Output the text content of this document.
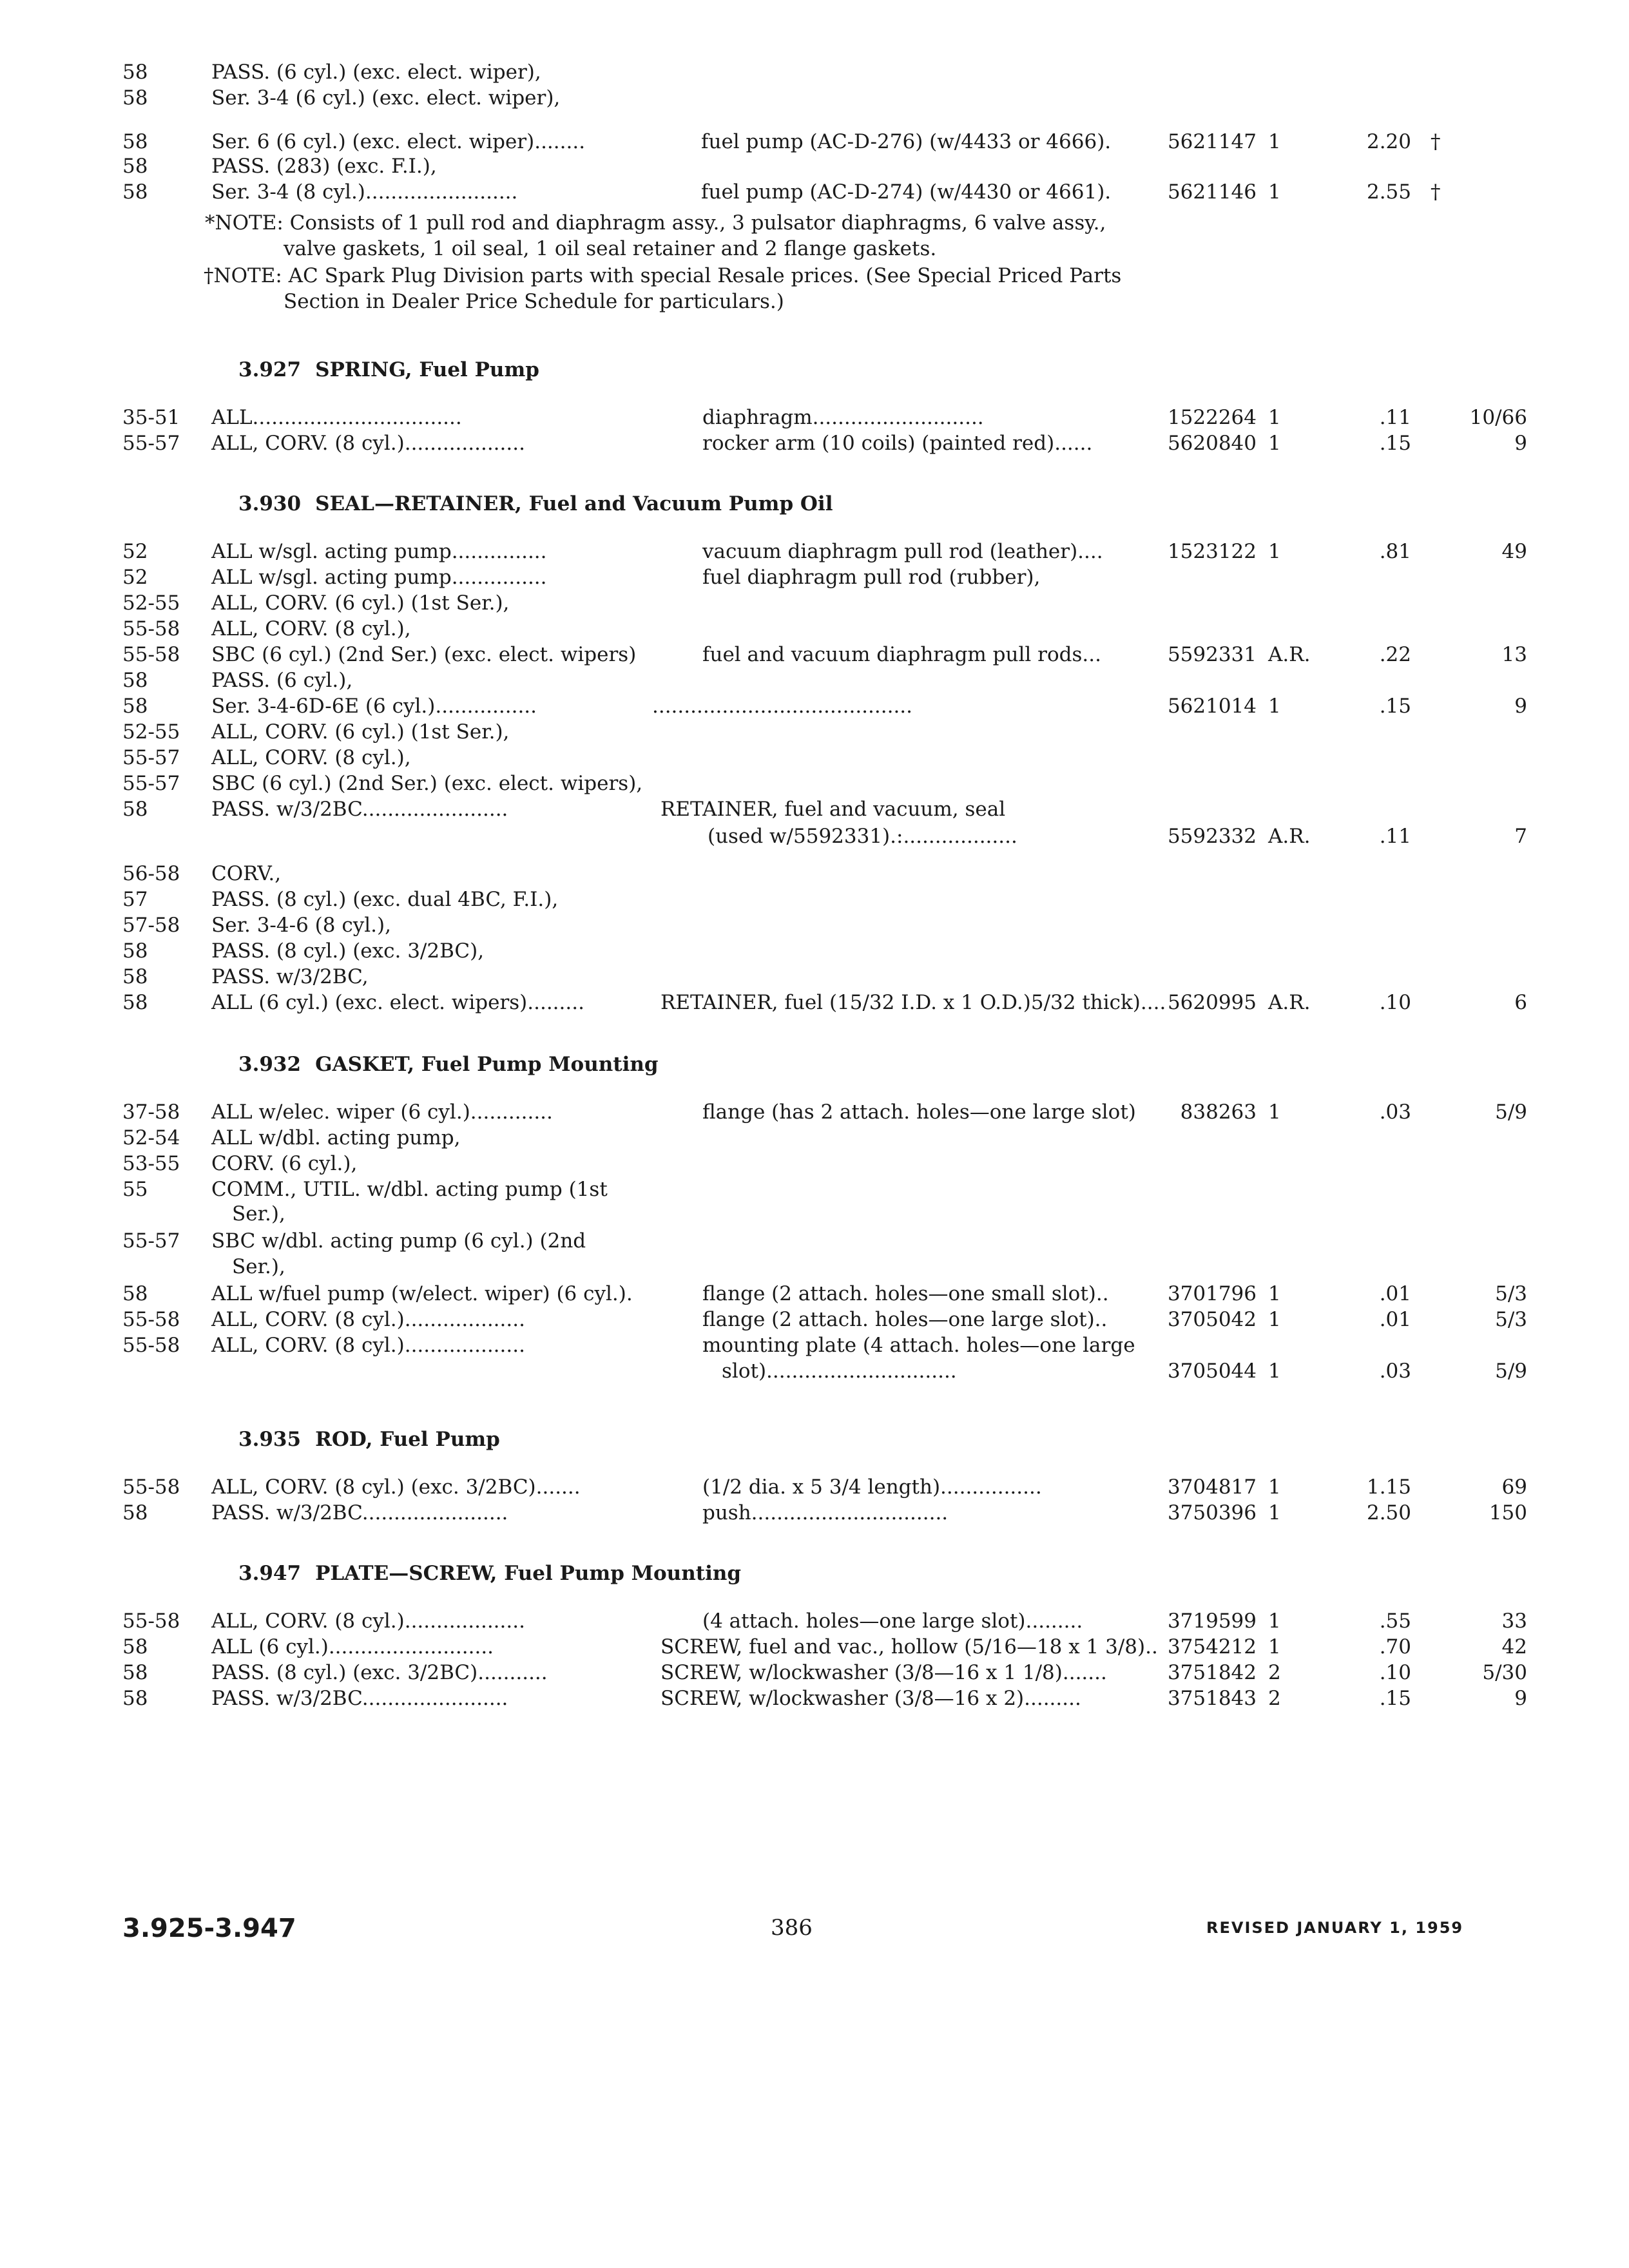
58	PASS. (6 cyl.) (exc. elect. wiper),
58	Ser. 3-4 (6 cyl.) (exc. elect. wiper),
58	Ser. 6 (6 cyl.) (exc. elect. wiper)........	fuel pump (AC-D-276) (w/4433 or 4666).	5621147 1	2.20 †
58	PASS. (283) (exc. F.I.),
58	Ser. 3-4 (8 cyl.)........................	fuel pump (AC-D-274) (w/4430 or 4661).	5621146 1	2.55 †
*NOTE: Consists of 1 pull rod and diaphragm assy., 3 pulsator diaphragms, 6 valve assy.,
valve gaskets, 1 oil seal, 1 oil seal retainer and 2 flange gaskets.
†NOTE: AC Spark Plug Division parts with special Resale prices. (See Special Priced Parts
Section in Dealer Price Schedule for particulars.)
3.927 SPRING, Fuel Pump
35-51 ALL.................................	diaphragm...........................	1522264 1	.11	10/66
55-57 ALL, CORV. (8 cyl.)...................	rocker arm (10 coils) (painted red)......	5620840 1	.15	9
3.930 SEAL—RETAINER, Fuel and Vacuum Pump Oil
52	ALL w/sgl. acting pump...............	vacuum diaphragm pull rod (leather)....	1523122 1	.81	49
52	ALL w/sgl. acting pump...............	fuel diaphragm pull rod (rubber),
52-55 ALL, CORV. (6 cyl.) (1st Ser.),
55-58 ALL, CORV. (8 cyl.),
55-58 SBC (6 cyl.) (2nd Ser.) (exc. elect. wipers)	fuel and vacuum diaphragm pull rods...	5592331 A.R.	.22	13
58	PASS. (6 cyl.),
58	Ser. 3-4-6D-6E (6 cyl.)................	.........................................	5621014 1	.15	9
52-55 ALL, CORV. (6 cyl.) (1st Ser.),
55-57 ALL, CORV. (8 cyl.),
55-57 SBC (6 cyl.) (2nd Ser.) (exc. elect. wipers),
58	PASS. w/3/2BC.......................	RETAINER, fuel and vacuum, seal
(used w/5592331).:..................	5592332 A.R.	.11	7
56-58 CORV.,
57	PASS. (8 cyl.) (exc. dual 4BC, F.I.),
57-58 Ser. 3-4-6 (8 cyl.),
58	PASS. (8 cyl.) (exc. 3/2BC),
58	PASS. w/3/2BC,
58	ALL (6 cyl.) (exc. elect. wipers).........	RETAINER, fuel (15/32 I.D. x 1 O.D.)5/32 thick).... 5620995 A.R.	.10	6
3.932 GASKET, Fuel Pump Mounting
37-58 ALL w/elec. wiper (6 cyl.).............	flange (has 2 attach. holes—one large slot)	838263 1	.03	5/9
52-54 ALL w/dbl. acting pump,
53-55 CORV. (6 cyl.),
55	COMM., UTIL. w/dbl. acting pump (1st
Ser.),
55-57 SBC w/dbl. acting pump (6 cyl.) (2nd
Ser.),
58	ALL w/fuel pump (w/elect. wiper) (6 cyl.).	flange (2 attach. holes—one small slot)..	3701796 1	.01	5/3
55-58 ALL, CORV. (8 cyl.)...................	flange (2 attach. holes—one large slot)..	3705042 1	.01	5/3
55-58 ALL, CORV. (8 cyl.)...................	mounting plate (4 attach. holes—one large
slot)..............................	3705044 1	.03	5/9
3.935 ROD, Fuel Pump
55-58 ALL, CORV. (8 cyl.) (exc. 3/2BC).......	(1/2 dia. x 5 3/4 length)................	3704817 1	1.15	69
58	PASS. w/3/2BC.......................	push...............................	3750396 1	2.50	150
3.947 PLATE—SCREW, Fuel Pump Mounting
55-58 ALL, CORV. (8 cyl.)...................	(4 attach. holes—one large slot).........	3719599 1	.55	33
58	ALL (6 cyl.)..........................	SCREW, fuel and vac., hollow (5/16—18 x 1 3/8).. 3754212 1	.70	42
58	PASS. (8 cyl.) (exc. 3/2BC)...........	SCREW, w/lockwasher (3/8—16 x 1 1/8).......	3751842 2	.10	5/30
58	PASS. w/3/2BC.......................	SCREW, w/lockwasher (3/8—16 x 2).........	3751843 2	.15	9
3.925-3.947	386	REVISED JANUARY 1, 1959
